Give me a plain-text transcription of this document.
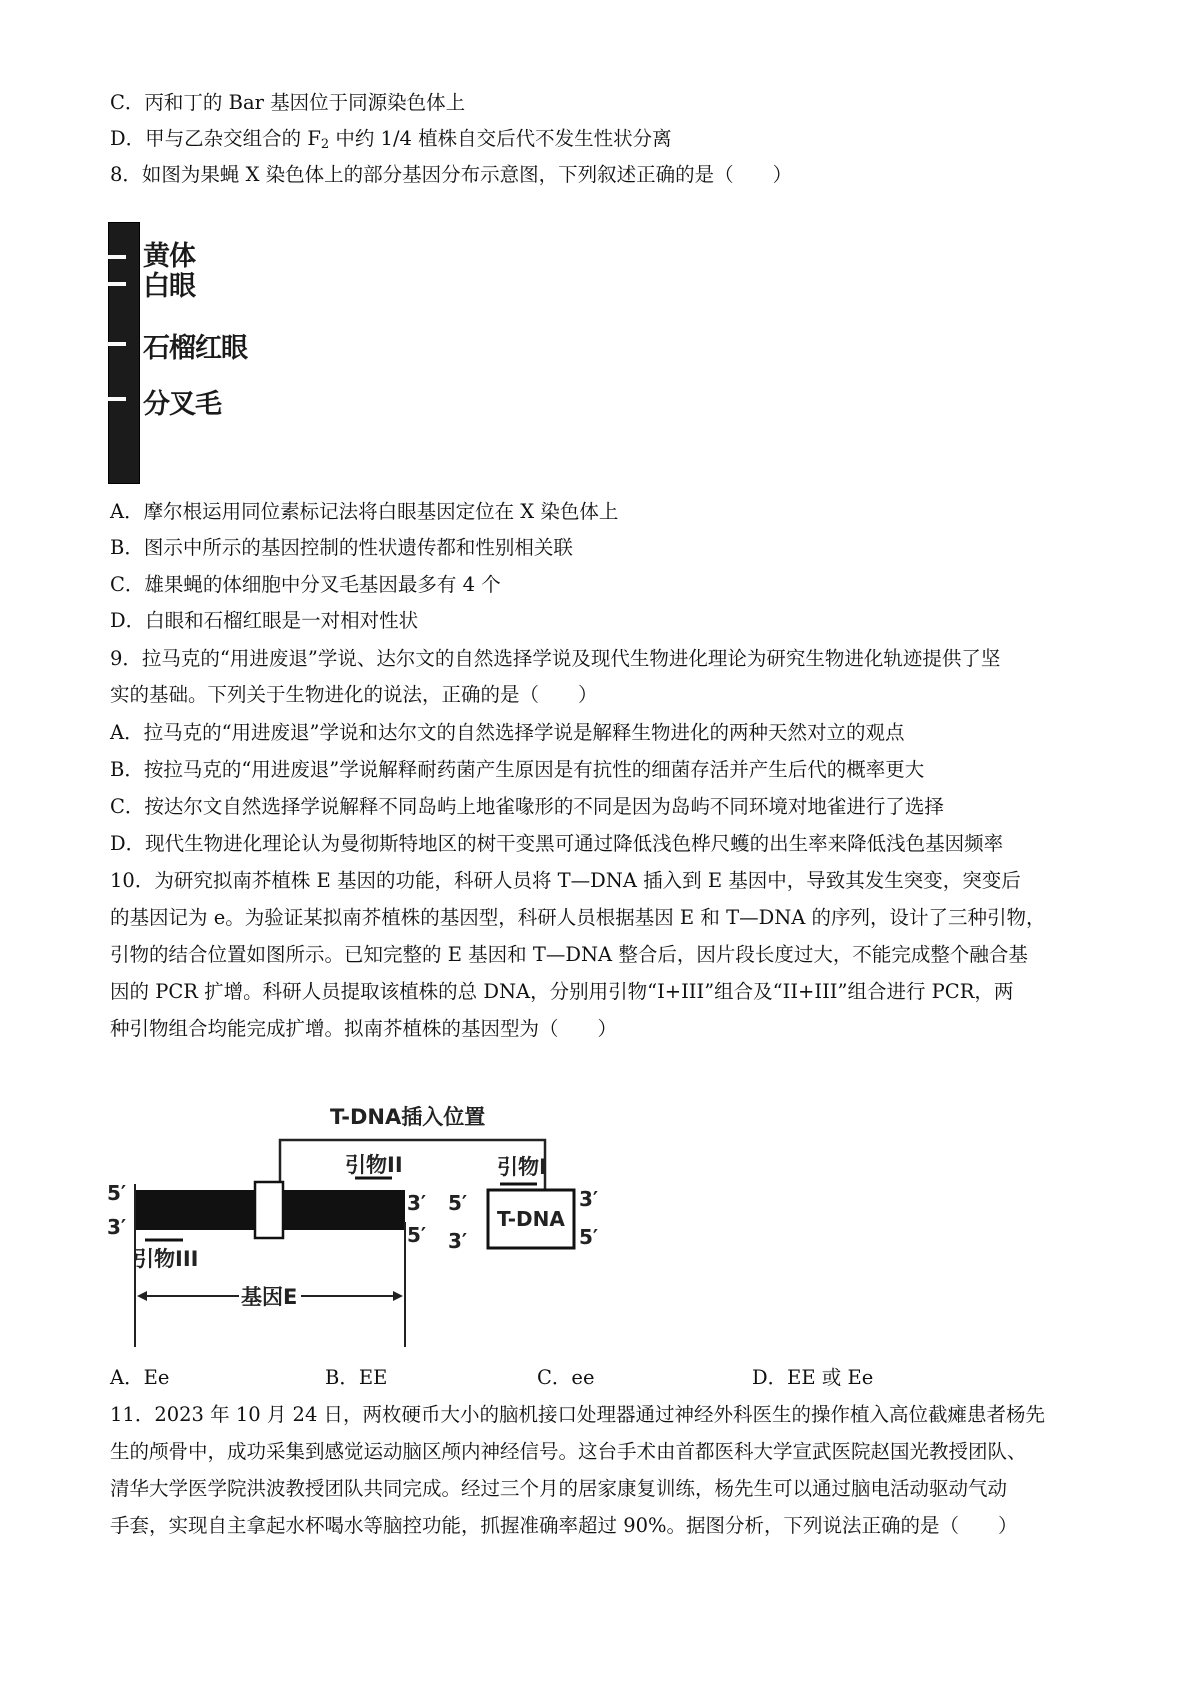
C．丙和丁的 Bar 基因位于同源染色体上
D．甲与乙杂交组合的 $F_2$ 中约 1/4 植株自交后代不发生性状分离
8．如图为果蝇 X 染色体上的部分基因分布示意图，下列叙述正确的是（　　）
黄体
白眼
石榴红眼
分叉毛
A．摩尔根运用同位素标记法将白眼基因定位在 X 染色体上
B．图示中所示的基因控制的性状遗传都和性别相关联
C．雄果蝇的体细胞中分叉毛基因最多有 4 个
D．白眼和石榴红眼是一对相对性状
9．拉马克的“用进废退”学说、达尔文的自然选择学说及现代生物进化理论为研究生物进化轨迹提供了坚
实的基础。下列关于生物进化的说法，正确的是（　　）
A．拉马克的“用进废退”学说和达尔文的自然选择学说是解释生物进化的两种天然对立的观点
B．按拉马克的“用进废退”学说解释耐药菌产生原因是有抗性的细菌存活并产生后代的概率更大
C．按达尔文自然选择学说解释不同岛屿上地雀喙形的不同是因为岛屿不同环境对地雀进行了选择
D．现代生物进化理论认为曼彻斯特地区的树干变黑可通过降低浅色桦尺蠖的出生率来降低浅色基因频率
10．为研究拟南芥植株 E 基因的功能，科研人员将 T—DNA 插入到 E 基因中，导致其发生突变，突变后
的基因记为 e。为验证某拟南芥植株的基因型，科研人员根据基因 E 和 T—DNA 的序列，设计了三种引物，
引物的结合位置如图所示。已知完整的 E 基因和 T—DNA 整合后，因片段长度过大，不能完成整个融合基
因的 PCR 扩增。科研人员提取该植株的总 DNA，分别用引物“I+III”组合及“II+III”组合进行 PCR，两
种引物组合均能完成扩增。拟南芥植株的基因型为（　　）
T-DNA插入位置
引物II
引物III
5′
3′
3′
5′
T-DNA
引物I
5′
3′
3′
5′
基因E
A．Ee	B．EE	C．ee	D．EE 或 Ee
11．2023 年 10 月 24 日，两枚硬币大小的脑机接口处理器通过神经外科医生的操作植入高位截瘫患者杨先
生的颅骨中，成功采集到感觉运动脑区颅内神经信号。这台手术由首都医科大学宣武医院赵国光教授团队、
清华大学医学院洪波教授团队共同完成。经过三个月的居家康复训练，杨先生可以通过脑电活动驱动气动
手套，实现自主拿起水杯喝水等脑控功能，抓握准确率超过 90%。据图分析，下列说法正确的是（　　）
